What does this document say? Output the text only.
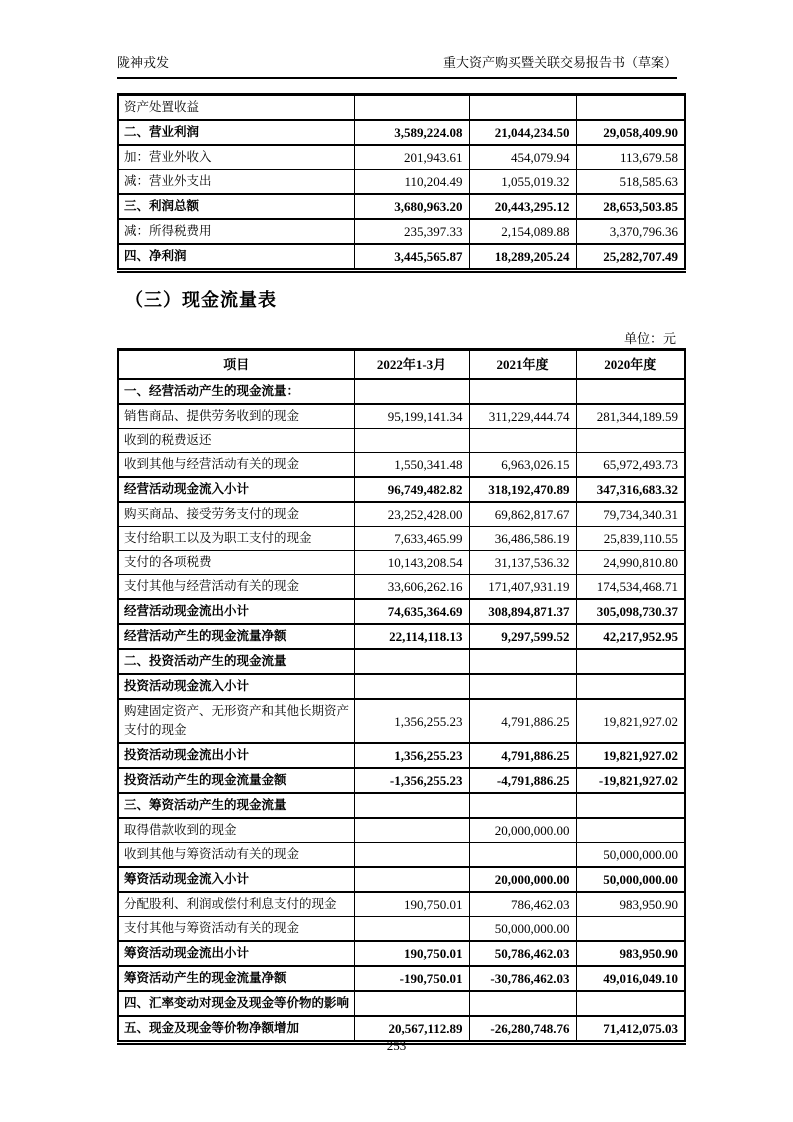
陇神戎发	重大资产购买暨关联交易报告书（草案）
资产处置收益			
二、营业利润	3,589,224.08	21,044,234.50	29,058,409.90
加：营业外收入	201,943.61	454,079.94	113,679.58
减：营业外支出	110,204.49	1,055,019.32	518,585.63
三、利润总额	3,680,963.20	20,443,295.12	28,653,503.85
减：所得税费用	235,397.33	2,154,089.88	3,370,796.36
四、净利润	3,445,565.87	18,289,205.24	25,282,707.49
（三）现金流量表
单位：元
项目	2022年1-3月	2021年度	2020年度
一、经营活动产生的现金流量：			
销售商品、提供劳务收到的现金	95,199,141.34	311,229,444.74	281,344,189.59
收到的税费返还			
收到其他与经营活动有关的现金	1,550,341.48	6,963,026.15	65,972,493.73
经营活动现金流入小计	96,749,482.82	318,192,470.89	347,316,683.32
购买商品、接受劳务支付的现金	23,252,428.00	69,862,817.67	79,734,340.31
支付给职工以及为职工支付的现金	7,633,465.99	36,486,586.19	25,839,110.55
支付的各项税费	10,143,208.54	31,137,536.32	24,990,810.80
支付其他与经营活动有关的现金	33,606,262.16	171,407,931.19	174,534,468.71
经营活动现金流出小计	74,635,364.69	308,894,871.37	305,098,730.37
经营活动产生的现金流量净额	22,114,118.13	9,297,599.52	42,217,952.95
二、投资活动产生的现金流量			
投资活动现金流入小计			
购建固定资产、无形资产和其他长期资产支付的现金	1,356,255.23	4,791,886.25	19,821,927.02
投资活动现金流出小计	1,356,255.23	4,791,886.25	19,821,927.02
投资活动产生的现金流量金额	-1,356,255.23	-4,791,886.25	-19,821,927.02
三、筹资活动产生的现金流量			
取得借款收到的现金		20,000,000.00	
收到其他与筹资活动有关的现金			50,000,000.00
筹资活动现金流入小计		20,000,000.00	50,000,000.00
分配股利、利润或偿付利息支付的现金	190,750.01	786,462.03	983,950.90
支付其他与筹资活动有关的现金		50,000,000.00	
筹资活动现金流出小计	190,750.01	50,786,462.03	983,950.90
筹资活动产生的现金流量净额	-190,750.01	-30,786,462.03	49,016,049.10
四、汇率变动对现金及现金等价物的影响			
五、现金及现金等价物净额增加	20,567,112.89	-26,280,748.76	71,412,075.03
253
